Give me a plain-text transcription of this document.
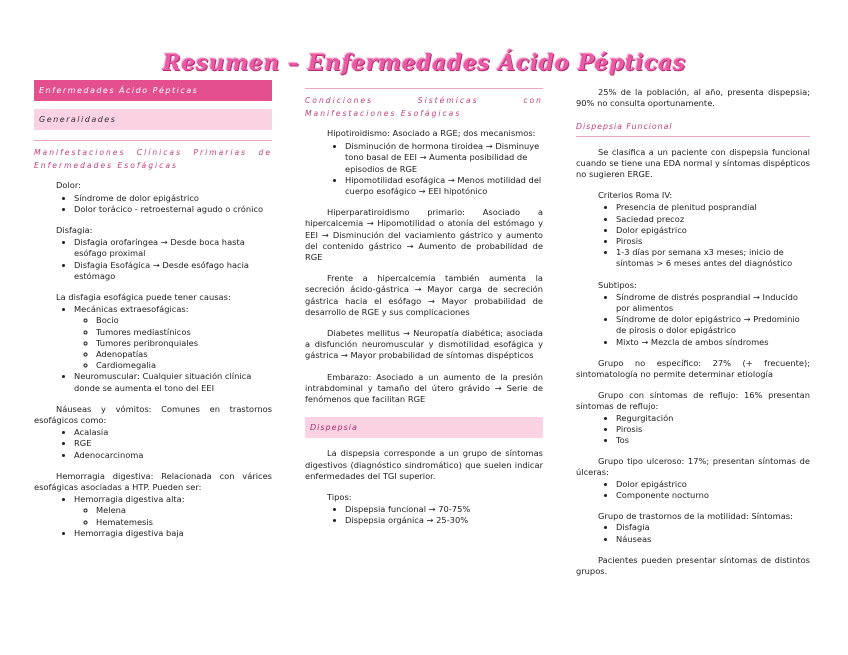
Resumen – Enfermedades Ácido Pépticas
Enfermedades Ácido Pépticas
Generalidades
Manifestaciones Clínicas Primarias de Enfermedades Esofágicas
Dolor:
• Síndrome de dolor epigástrico
• Dolor torácico - retroesternal agudo o crónico
Disfagia:
• Disfagia orofaríngea → Desde boca hasta esófago proximal
• Disfagia Esofágica → Desde esófago hacia estómago
La disfagia esofágica puede tener causas:
• Mecánicas extraesofágicas:
◦ Bocio
◦ Tumores mediastínicos
◦ Tumores peribronquiales
◦ Adenopatías
◦ Cardiomegalia
• Neuromuscular: Cualquier situación clínica donde se aumenta el tono del EEI

Náuseas y vómitos: Comunes en trastornos esofágicos como:

• Acalasia
• RGE
• Adenocarcinoma

Hemorragia digestiva: Relacionada con várices esofágicas asociadas a HTP. Pueden ser:

• Hemorragia digestiva alta:
◦ Melena
◦ Hematemesis
• Hemorragia digestiva baja
Condiciones Sistémicas con Manifestaciones Esofágicas

Hipotiroidismo: Asociado a RGE; dos mecanismos:

• Disminución de hormona tiroidea → Disminuye tono basal de EEI → Aumenta posibilidad de episodios de RGE
• Hipomotilidad esofágica → Menos motilidad del cuerpo esofágico → EEI hipotónico

Hiperparatiroidismo primario: Asociado a hipercalcemia → Hipomotilidad o atonía del estómago y EEI → Disminución del vaciamiento gástrico y aumento del contenido gástrico → Aumento de probabilidad de RGE

Frente a hipercalcemia también aumenta la secreción ácido-gástrica → Mayor carga de secreción gástrica hacia el esófago → Mayor probabilidad de desarrollo de RGE y sus complicaciones

Diabetes mellitus → Neuropatía diabética; asociada a disfunción neuromuscular y dismotilidad esofágica y gástrica → Mayor probabilidad de síntomas dispépticos

Embarazo: Asociado a un aumento de la presión intrabdominal y tamaño del útero grávido → Serie de fenómenos que facilitan RGE

Dispepsia

La dispepsia corresponde a un grupo de síntomas digestivos (diagnóstico sindromático) que suelen indicar enfermedades del TGI superior.

Tipos:
• Dispepsia funcional → 70-75%
• Dispepsia orgánica → 25-30%

25% de la población, al año, presenta dispepsia; 90% no consulta oportunamente.

Dispepsia Funcional

Se clasifica a un paciente con dispepsia funcional cuando se tiene una EDA normal y síntomas dispépticos no sugieren ERGE.

Criterios Roma IV:
• Presencia de plenitud posprandial
• Saciedad precoz
• Dolor epigástrico
• Pirosis
• 1-3 días por semana x3 meses; inicio de síntomas > 6 meses antes del diagnóstico
Subtipos:
• Síndrome de distrés posprandial → Inducido por alimentos
• Síndrome de dolor epigástrico → Predominio de pirosis o dolor epigástrico
• Mixto → Mezcla de ambos síndromes

Grupo no específico: 27% (+ frecuente); sintomatología no permite determinar etiología

Grupo con síntomas de reflujo: 16% presentan síntomas de reflujo:

• Regurgitación
• Pirosis
• Tos

Grupo tipo ulceroso: 17%; presentan síntomas de úlceras:

• Dolor epigástrico
• Componente nocturno

Grupo de trastornos de la motilidad: Síntomas:

• Disfagia
• Náuseas

Pacientes pueden presentar síntomas de distintos grupos.
